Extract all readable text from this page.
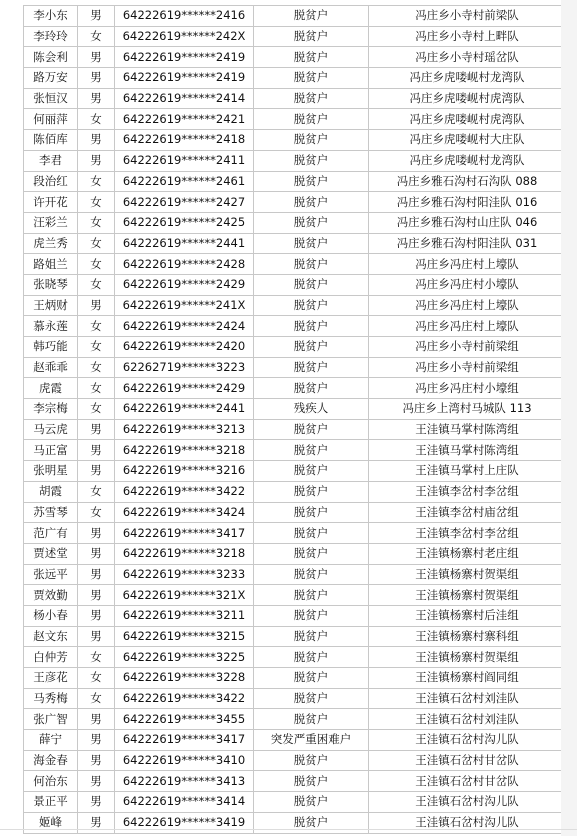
李小东	男	64222619******2416	脱贫户	冯庄乡小寺村前梁队
李玲玲	女	64222619******242X	脱贫户	冯庄乡小寺村上畔队
陈会利	男	64222619******2419	脱贫户	冯庄乡小寺村瑶岔队
路万安	男	64222619******2419	脱贫户	冯庄乡虎喽岘村龙湾队
张恒汉	男	64222619******2414	脱贫户	冯庄乡虎喽岘村虎湾队
何丽萍	女	64222619******2421	脱贫户	冯庄乡虎喽岘村虎湾队
陈佰库	男	64222619******2418	脱贫户	冯庄乡虎喽岘村大庄队
李君	男	64222619******2411	脱贫户	冯庄乡虎喽岘村龙湾队
段治红	女	64222619******2461	脱贫户	冯庄乡雅石沟村石沟队 088
许开花	女	64222619******2427	脱贫户	冯庄乡雅石沟村阳洼队 016
汪彩兰	女	64222619******2425	脱贫户	冯庄乡雅石沟村山庄队 046
虎兰秀	女	64222619******2441	脱贫户	冯庄乡雅石沟村阳洼队 031
路姐兰	女	64222619******2428	脱贫户	冯庄乡冯庄村上壕队
张晓琴	女	64222619******2429	脱贫户	冯庄乡冯庄村小壕队
王炳财	男	64222619******241X	脱贫户	冯庄乡冯庄村上壕队
慕永莲	女	64222619******2424	脱贫户	冯庄乡冯庄村上壕队
韩巧能	女	64222619******2420	脱贫户	冯庄乡小寺村前梁组
赵乖乖	女	62262719******3223	脱贫户	冯庄乡小寺村前梁组
虎霞	女	64222619******2429	脱贫户	冯庄乡冯庄村小壕组
李宗梅	女	64222619******2441	残疾人	冯庄乡上湾村马城队 113
马云虎	男	64222619******3213	脱贫户	王洼镇马掌村陈湾组
马正富	男	64222619******3218	脱贫户	王洼镇马掌村陈湾组
张明星	男	64222619******3216	脱贫户	王洼镇马掌村上庄队
胡霞	女	64222619******3422	脱贫户	王洼镇李岔村李岔组
苏雪琴	女	64222619******3424	脱贫户	王洼镇李岔村庙岔组
范广有	男	64222619******3417	脱贫户	王洼镇李岔村李岔组
贾述堂	男	64222619******3218	脱贫户	王洼镇杨寨村老庄组
张远平	男	64222619******3233	脱贫户	王洼镇杨寨村贺渠组
贾效勤	男	64222619******321X	脱贫户	王洼镇杨寨村贺渠组
杨小春	男	64222619******3211	脱贫户	王洼镇杨寨村后洼组
赵文东	男	64222619******3215	脱贫户	王洼镇杨寨村寨科组
白仲芳	女	64222619******3225	脱贫户	王洼镇杨寨村贺渠组
王彦花	女	64222619******3228	脱贫户	王洼镇杨寨村阎同组
马秀梅	女	64222619******3422	脱贫户	王洼镇石岔村刘洼队
张广智	男	64222619******3455	脱贫户	王洼镇石岔村刘洼队
薛宁	男	64222619******3417	突发严重困难户	王洼镇石岔村沟儿队
海金春	男	64222619******3410	脱贫户	王洼镇石岔村甘岔队
何治东	男	64222619******3413	脱贫户	王洼镇石岔村甘岔队
景正平	男	64222619******3414	脱贫户	王洼镇石岔村沟儿队
姬峰	男	64222619******3419	脱贫户	王洼镇石岔村沟儿队
